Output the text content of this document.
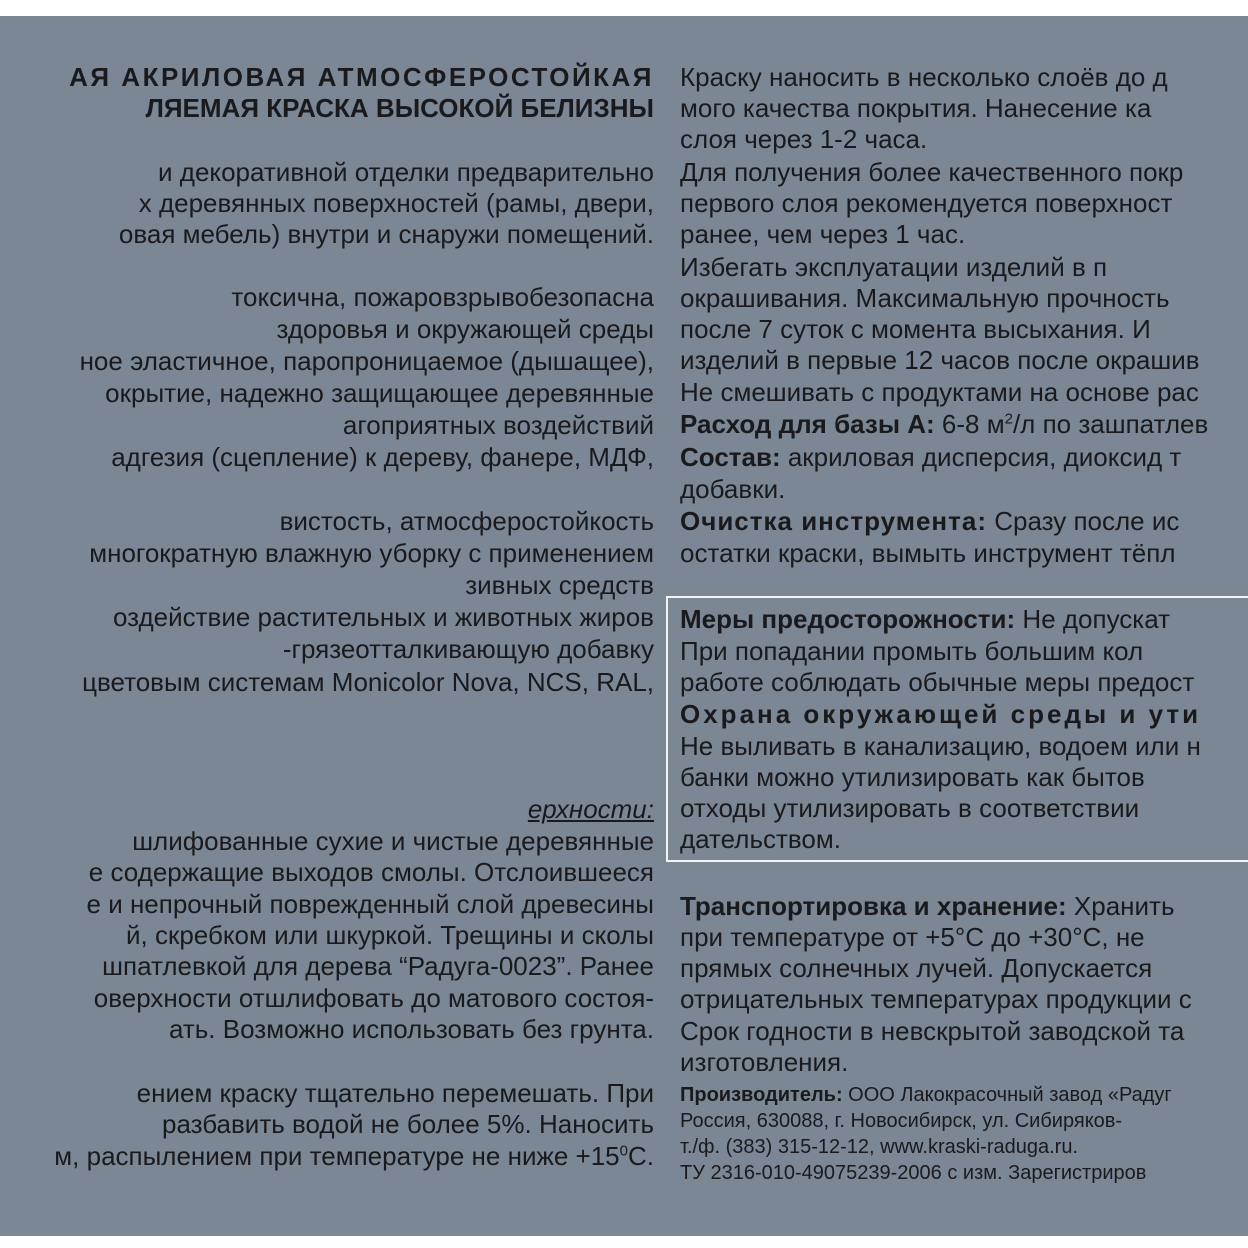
АЯ АКРИЛОВАЯ АТМОСФЕРОСТОЙКАЯ
ЛЯЕМАЯ КРАСКА ВЫСОКОЙ БЕЛИЗНЫ
и декоративной отделки предварительно
х деревянных поверхностей (рамы, двери,
овая мебель) внутри и снаружи помещений.
токсична, пожаровзрывобезопасна
здоровья и окружающей среды
ное эластичное, паропроницаемое (дышащее),
окрытие, надежно защищающее деревянные
агоприятных воздействий
адгезия (сцепление) к дереву, фанере, МДФ,
вистость, атмосферостойкость
многократную влажную уборку с применением
зивных средств
оздействие растительных и животных жиров
-грязеотталкивающую добавку
цветовым системам Monicolor Nova, NCS, RAL,
ерхности:
шлифованные сухие и чистые деревянные
е содержащие выходов смолы. Отслоившееся
е и непрочный поврежденный слой древесины
й, скребком или шкуркой. Трещины и сколы
шпатлевкой для дерева “Радуга-0023”. Ранее
оверхности отшлифовать до матового состоя-
ать. Возможно использовать без грунта.
ением краску тщательно перемешать. При
разбавить водой не более 5%. Наносить
м, распылением при температуре не ниже $+15^0С$.
Краску наносить в несколько слоёв до д
мого качества покрытия. Нанесение ка
слоя через 1-2 часа.
Для получения более качественного покр
первого слоя рекомендуется поверхност
ранее, чем через 1 час.
Избегать эксплуатации изделий в п
окрашивания. Максимальную прочность
после 7 суток с момента высыхания. И
изделий в первые 12 часов после окрашив
Не смешивать с продуктами на основе рас
Расход для базы А: 6-8 $м^2/л$ по зашпатлев
Состав: акриловая дисперсия, диоксид т
добавки.
Очистка инструмента: Сразу после ис
остатки краски, вымыть инструмент тёпл
Меры предосторожности: Не допускат
При попадании промыть большим кол
работе соблюдать обычные меры предост
Охрана окружающей среды и ути
Не выливать в канализацию, водоем или н
банки можно утилизировать как бытов
отходы утилизировать в соответствии
дательством.
Транспортировка и хранение: Хранить
при температуре от +5°С до +30°С, не
прямых солнечных лучей. Допускается
отрицательных температурах продукции с
Срок годности в невскрытой заводской та
изготовления.
Производитель: ООО Лакокрасочный завод «Радуг
Россия, 630088, г. Новосибирск, ул. Сибиряков-
т./ф. (383) 315-12-12, www.kraski-raduga.ru.
ТУ 2316-010-49075239-2006 с изм. Зарегистриров
